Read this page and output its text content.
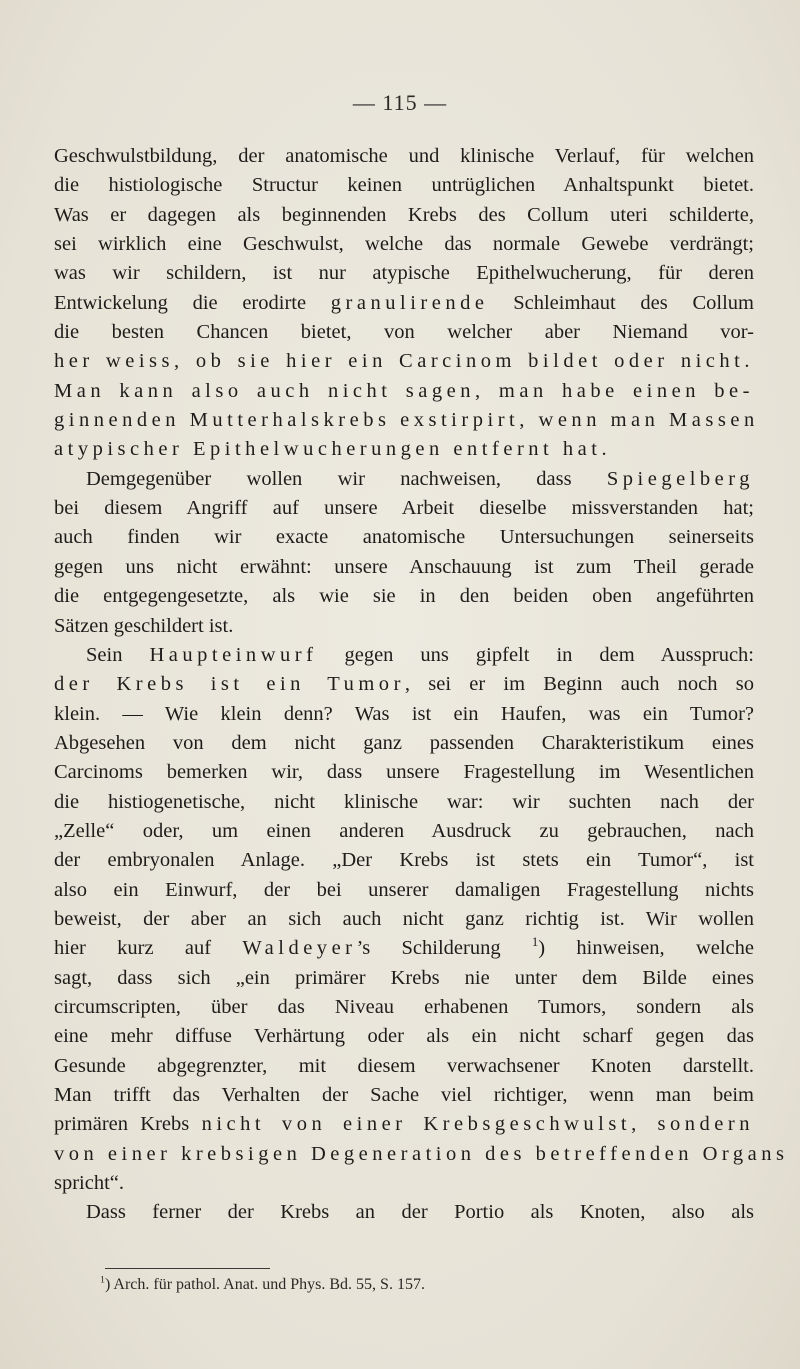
— 115 —
Geschwulstbildung, der anatomische und klinische Verlauf, für welchen
die histiologische Structur keinen untrüglichen Anhaltspunkt bietet.
Was er dagegen als beginnenden Krebs des Collum uteri schilderte,
sei wirklich eine Geschwulst, welche das normale Gewebe verdrängt;
was wir schildern, ist nur atypische Epithelwucherung, für deren
Entwickelung die erodirte granulirende Schleimhaut des Collum
die besten Chancen bietet, von welcher aber Niemand vor-
her weiss, ob sie hier ein Carcinom bildet oder nicht.
Man kann also auch nicht sagen, man habe einen be-
ginnenden Mutterhalskrebs exstirpirt, wenn man Massen
atypischer Epithelwucherungen entfernt hat.
Demgegenüber wollen wir nachweisen, dass Spiegelberg
bei diesem Angriff auf unsere Arbeit dieselbe missverstanden hat;
auch finden wir exacte anatomische Untersuchungen seinerseits
gegen uns nicht erwähnt: unsere Anschauung ist zum Theil gerade
die entgegengesetzte, als wie sie in den beiden oben angeführten
Sätzen geschildert ist.
Sein Haupteinwurf gegen uns gipfelt in dem Ausspruch:
der Krebs ist ein Tumor, sei er im Beginn auch noch so
klein. — Wie klein denn? Was ist ein Haufen, was ein Tumor?
Abgesehen von dem nicht ganz passenden Charakteristikum eines
Carcinoms bemerken wir, dass unsere Fragestellung im Wesentlichen
die histiogenetische, nicht klinische war: wir suchten nach der
„Zelle“ oder, um einen anderen Ausdruck zu gebrauchen, nach
der embryonalen Anlage. „Der Krebs ist stets ein Tumor“, ist
also ein Einwurf, der bei unserer damaligen Fragestellung nichts
beweist, der aber an sich auch nicht ganz richtig ist. Wir wollen
hier kurz auf Waldeyer’s Schilderung $^1$) hinweisen, welche
sagt, dass sich „ein primärer Krebs nie unter dem Bilde eines
circumscripten, über das Niveau erhabenen Tumors, sondern als
eine mehr diffuse Verhärtung oder als ein nicht scharf gegen das
Gesunde abgegrenzter, mit diesem verwachsener Knoten darstellt.
Man trifft das Verhalten der Sache viel richtiger, wenn man beim
primären Krebs nicht von einer Krebsgeschwulst, sondern
von einer krebsigen Degeneration des betreffenden Organs
spricht“.
Dass ferner der Krebs an der Portio als Knoten, also als
$^1$) Arch. für pathol. Anat. und Phys. Bd. 55, S. 157.
